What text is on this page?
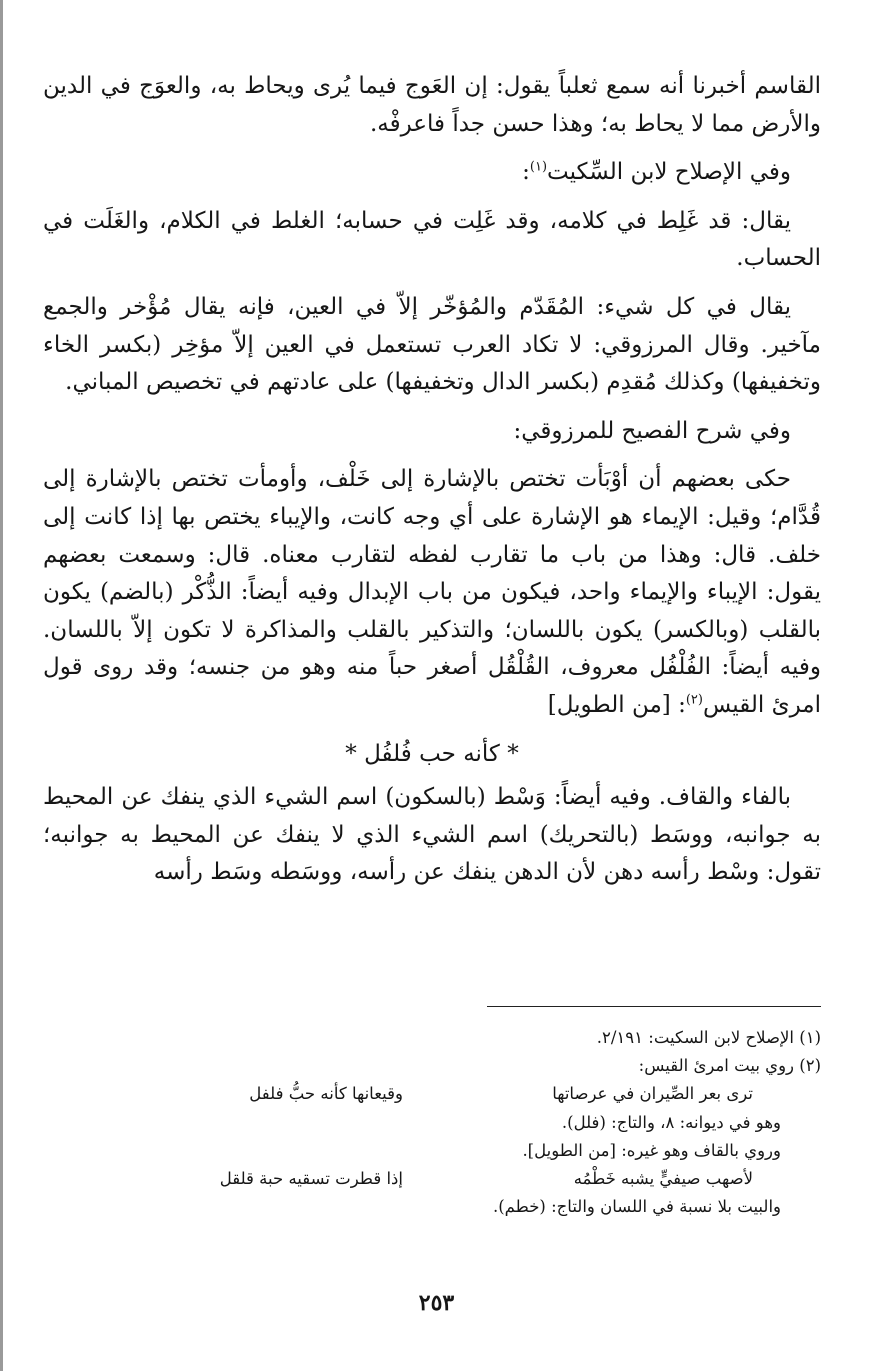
القاسم أخبرنا أنه سمع ثعلباً يقول: إن العَوج فيما يُرى ويحاط به، والعوَج في الدين والأرض مما لا يحاط به؛ وهذا حسن جداً فاعرفْه.

وفي الإصلاح لابن السِّكيت$^{(١)}$:

يقال: قد غَلِط في كلامه، وقد غَلِت في حسابه؛ الغلط في الكلام، والغَلَت في الحساب.

يقال في كل شيء: المُقَدّم والمُؤخّر إلاّ في العين، فإنه يقال مُؤْخر والجمع مآخير. وقال المرزوقي: لا تكاد العرب تستعمل في العين إلاّ مؤخِر (بكسر الخاء وتخفيفها) وكذلك مُقدِم (بكسر الدال وتخفيفها) على عادتهم في تخصيص المباني.

وفي شرح الفصيح للمرزوقي:

حكى بعضهم أن أوْبَأت تختص بالإشارة إلى خَلْف، وأومأت تختص بالإشارة إلى قُدَّام؛ وقيل: الإيماء هو الإشارة على أي وجه كانت، والإيباء يختص بها إذا كانت إلى خلف. قال: وهذا من باب ما تقارب لفظه لتقارب معناه. قال: وسمعت بعضهم يقول: الإيباء والإيماء واحد، فيكون من باب الإبدال وفيه أيضاً: الذُّكْر (بالضم) يكون بالقلب (وبالكسر) يكون باللسان؛ والتذكير بالقلب والمذاكرة لا تكون إلاّ باللسان. وفيه أيضاً: الفُلْفُل معروف، القُلْقُل أصغر حباً منه وهو من جنسه؛ وقد روى قول امرئ القيس$^{(٢)}$: [من الطويل]

* كأنه حب فُلفُل *

بالفاء والقاف. وفيه أيضاً: وَسْط (بالسكون) اسم الشيء الذي ينفك عن المحيط به جوانبه، ووسَط (بالتحريك) اسم الشيء الذي لا ينفك عن المحيط به جوانبه؛ تقول: وسْط رأسه دهن لأن الدهن ينفك عن رأسه، ووسَطه وسَط رأسه

(١) الإصلاح لابن السكيت: ٢/١٩١.
(٢) روي بيت امرئ القيس:
ترى بعر الصِّيران في عرصاتها
وقيعانها كأنه حبُّ فلفل
وهو في ديوانه: ٨، والتاج: (فلل).
وروي بالقاف وهو غيره: [من الطويل].
لأصهب صيفيٍّ يشبه خَطْمُه
إذا قطرت تسقيه حبة قلقل
والبيت بلا نسبة في اللسان والتاج: (خطم).
٢٥٣
